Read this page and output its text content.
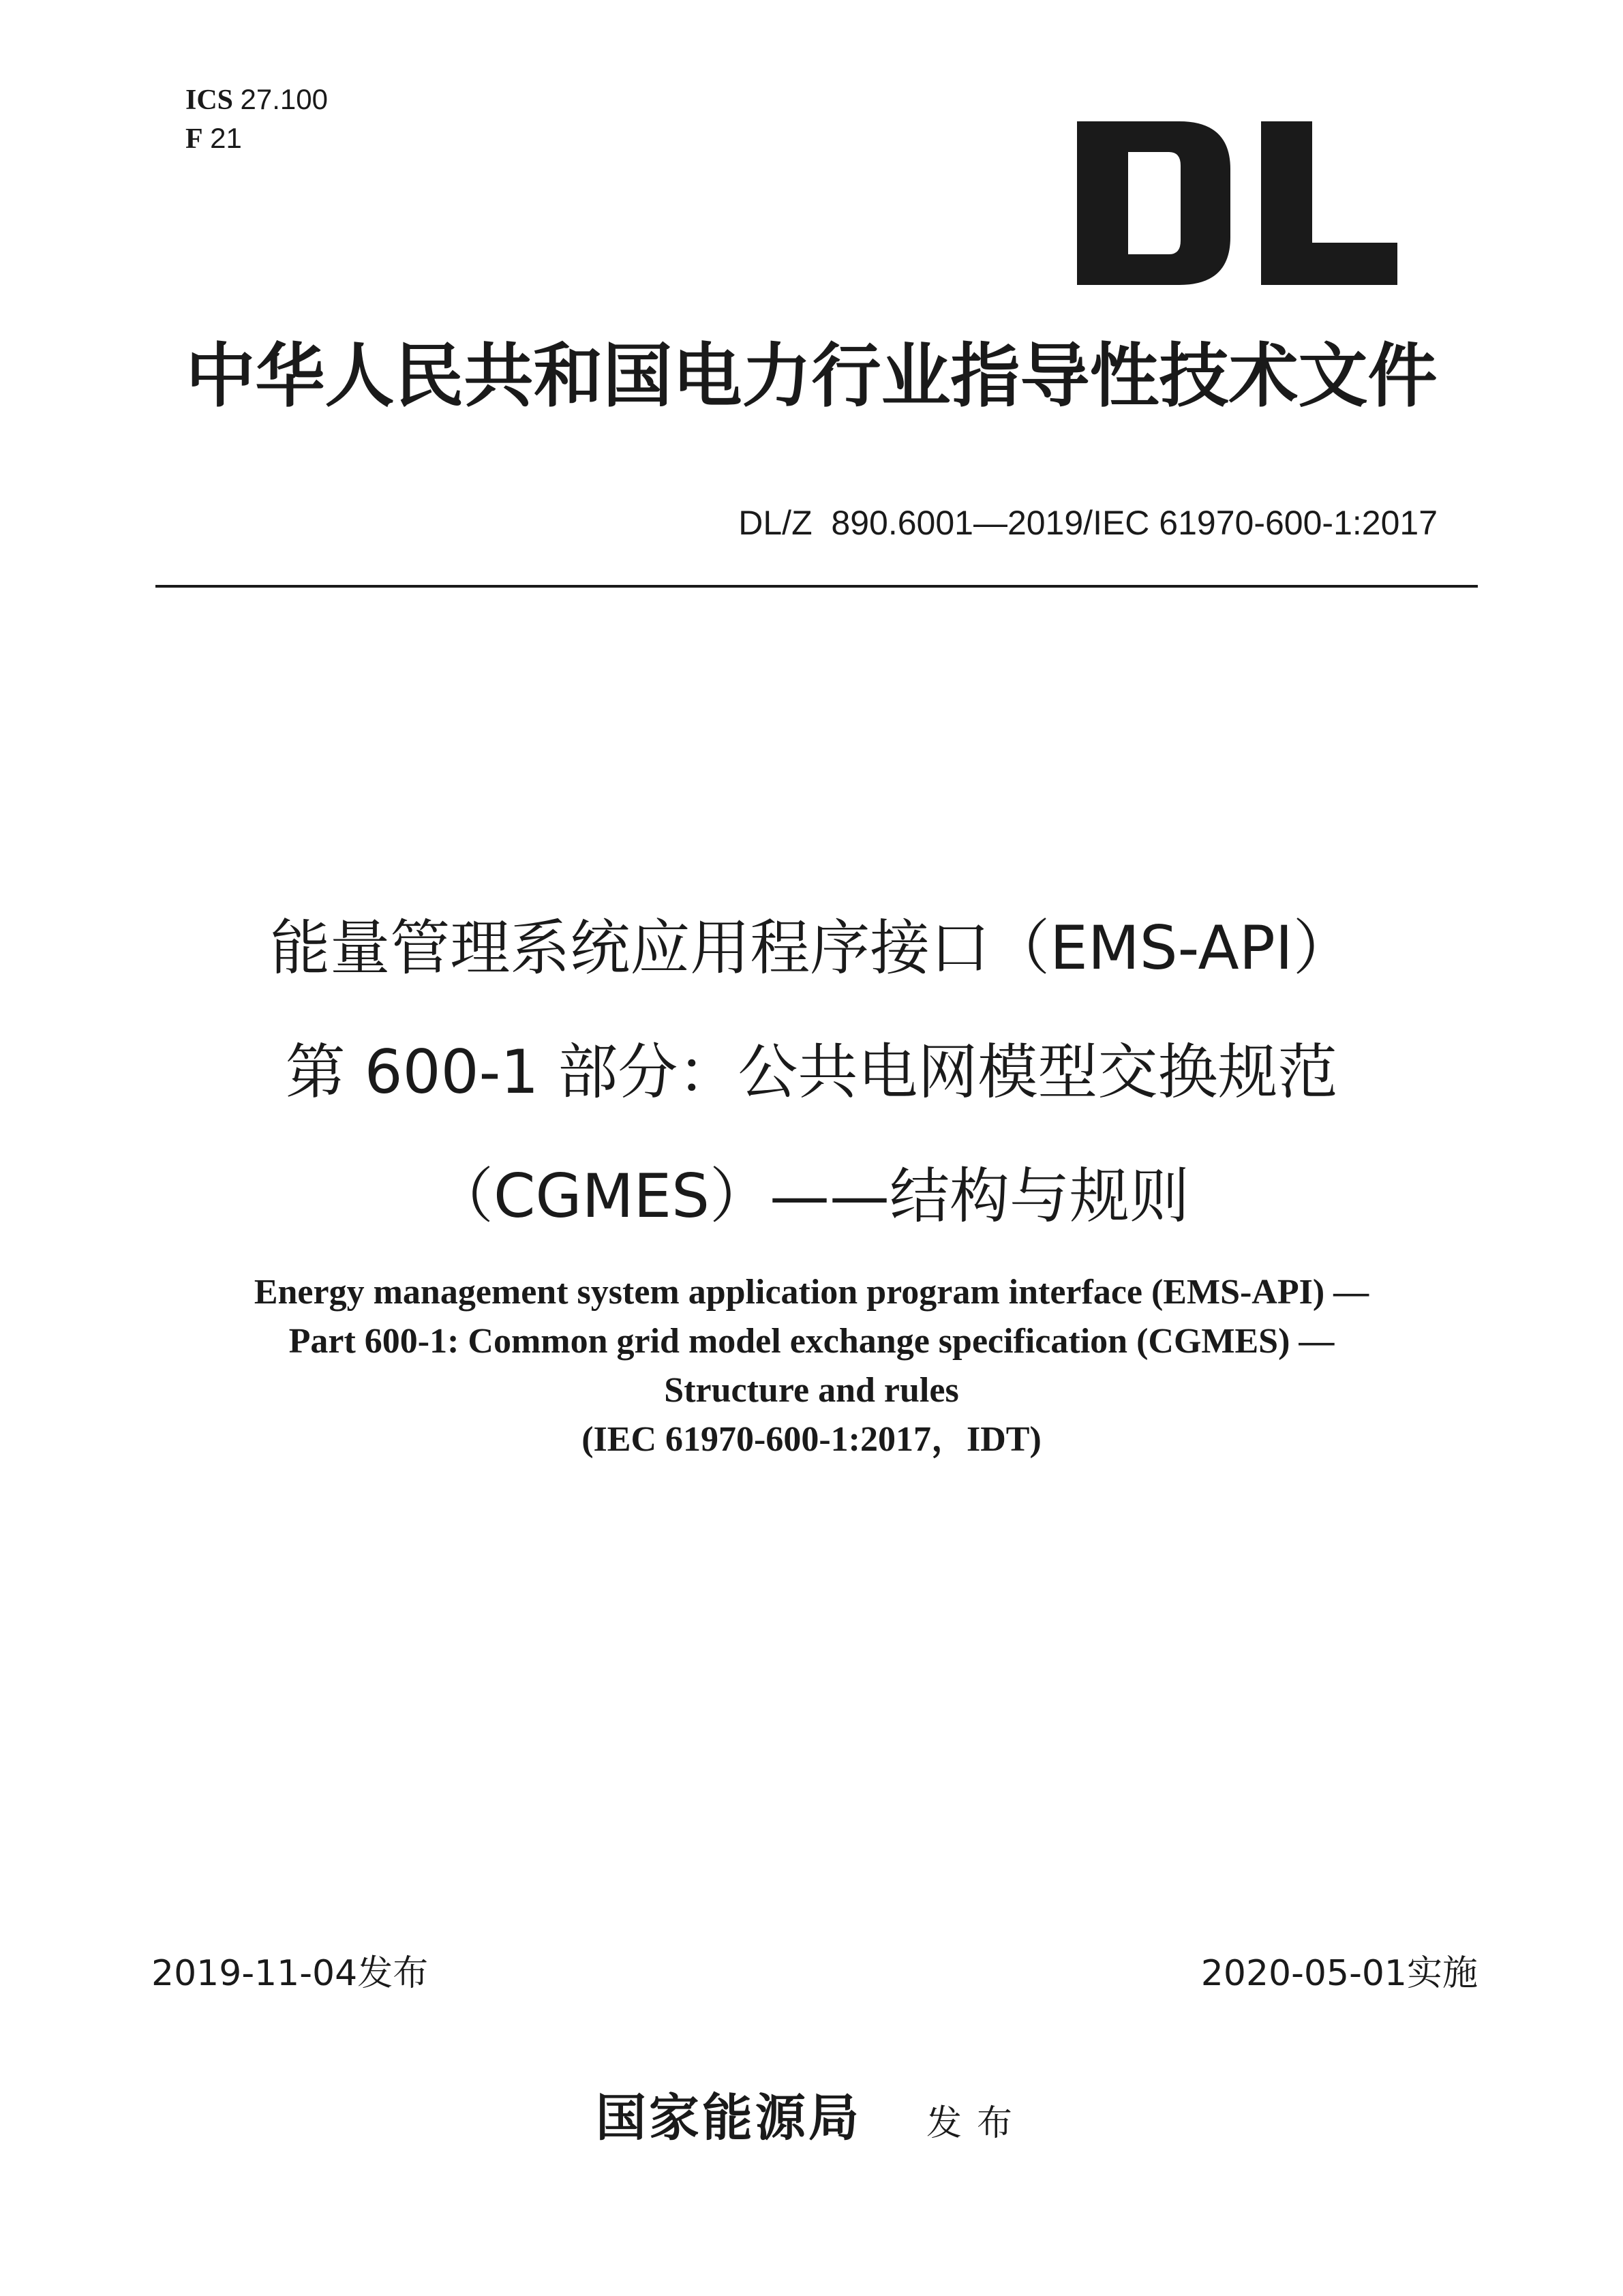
ICS 27.100
F 21
中华人民共和国电力行业指导性技术文件
DL/Z  890.6001—2019/IEC 61970-600-1:2017
能量管理系统应用程序接口（EMS-API）
第 600-1 部分：公共电网模型交换规范
（CGMES）——结构与规则
Energy management system application program interface (EMS-API) —
Part 600-1: Common grid model exchange specification (CGMES) —
Structure and rules
(IEC 61970-600-1:2017，IDT)
2019-11-04发布	2020-05-01实施
国家能源局 发布
